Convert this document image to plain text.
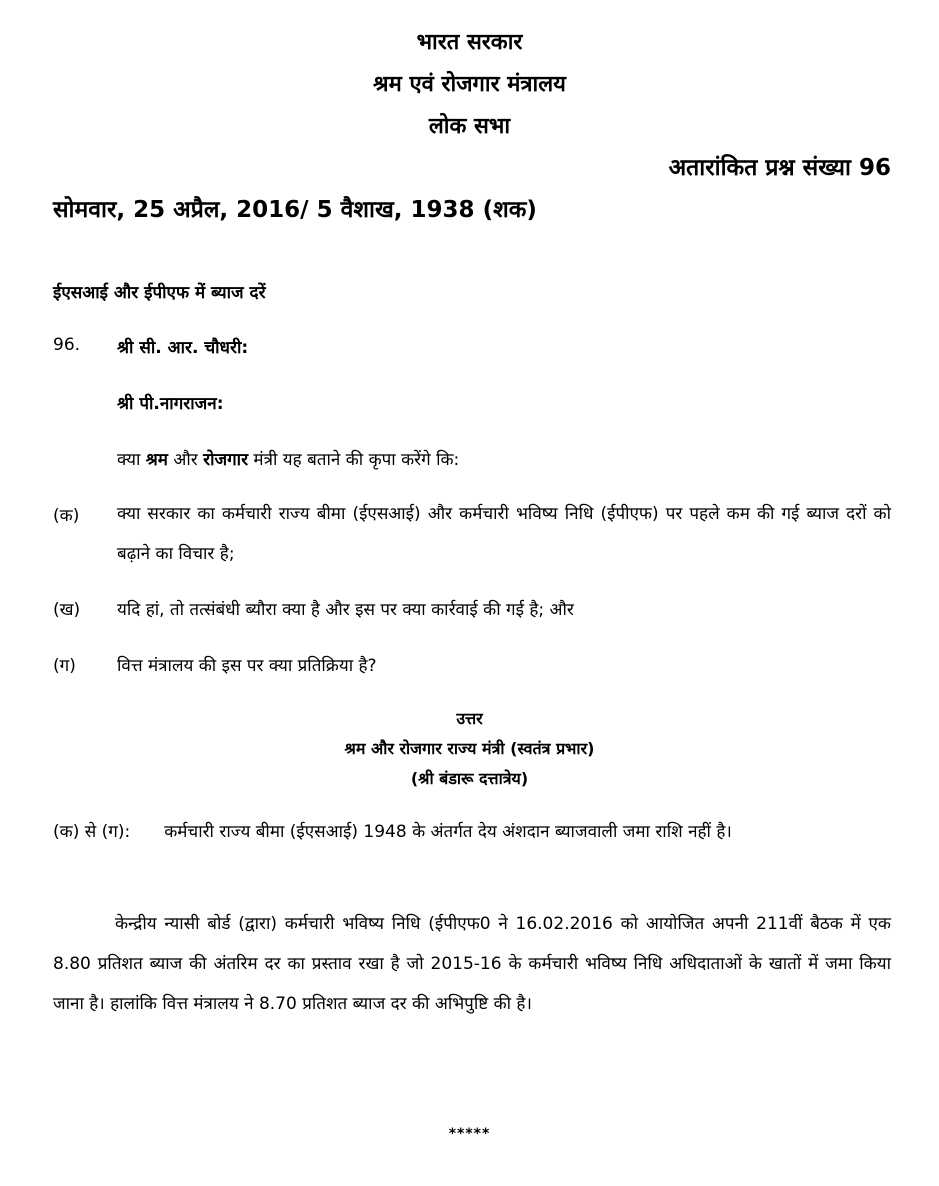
भारत सरकार
श्रम एवं रोजगार मंत्रालय
लोक सभा
अतारांकित प्रश्न संख्या 96
सोमवार, 25 अप्रैल, 2016/ 5 वैशाख, 1938 (शक)
ईएसआई और ईपीएफ में ब्याज दरें
96. श्री सी. आर. चौधरी:
श्री पी.नागराजन:
क्या श्रम और रोजगार मंत्री यह बताने की कृपा करेंगे कि:
(क) क्या सरकार का कर्मचारी राज्य बीमा (ईएसआई) और कर्मचारी भविष्य निधि (ईपीएफ) पर पहले कम की गई ब्याज दरों को बढ़ाने का विचार है;
(ख) यदि हां, तो तत्संबंधी ब्यौरा क्या है और इस पर क्या कार्रवाई की गई है; और
(ग) वित्त मंत्रालय की इस पर क्या प्रतिक्रिया है?
उत्तर
श्रम और रोजगार राज्य मंत्री (स्वतंत्र प्रभार)
(श्री बंडारू दत्तात्रेय)
(क) से (ग): कर्मचारी राज्य बीमा (ईएसआई) 1948 के अंतर्गत देय अंशदान ब्याजवाली जमा राशि नहीं है।
केन्द्रीय न्यासी बोर्ड (द्वारा) कर्मचारी भविष्य निधि (ईपीएफ0 ने 16.02.2016 को आयोजित अपनी 211वीं बैठक में एक 8.80 प्रतिशत ब्याज की अंतरिम दर का प्रस्ताव रखा है जो 2015-16 के कर्मचारी भविष्य निधि अधिदाताओं के खातों में जमा किया जाना है। हालांकि वित्त मंत्रालय ने 8.70 प्रतिशत ब्याज दर की अभिपुष्टि की है।
*****
